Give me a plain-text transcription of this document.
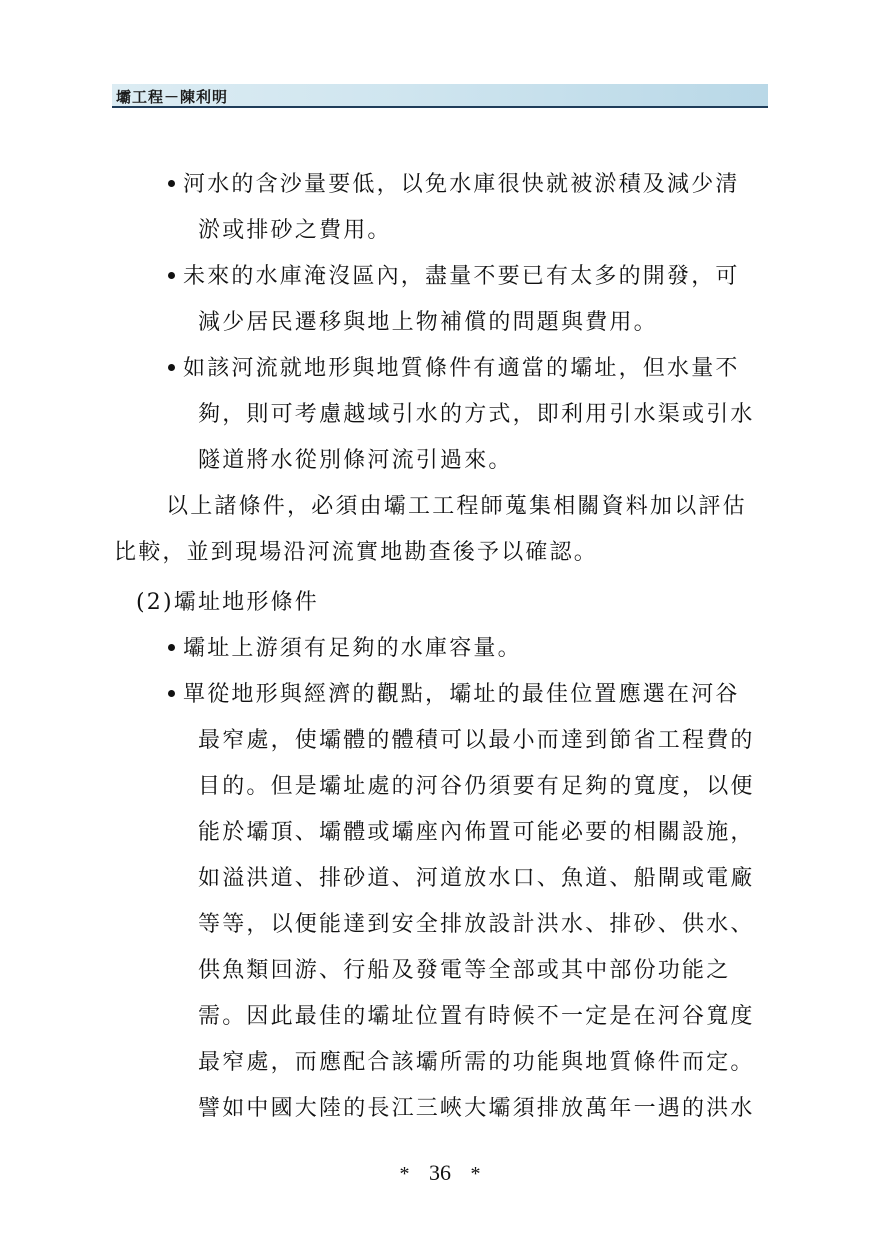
壩工程－陳利明
河水的含沙量要低，以免水庫很快就被淤積及減少清
淤或排砂之費用。
未來的水庫淹沒區內，盡量不要已有太多的開發，可
減少居民遷移與地上物補償的問題與費用。
如該河流就地形與地質條件有適當的壩址，但水量不
夠，則可考慮越域引水的方式，即利用引水渠或引水
隧道將水從別條河流引過來。
以上諸條件，必須由壩工工程師蒐集相關資料加以評估
比較，並到現場沿河流實地勘查後予以確認。
(2)壩址地形條件
壩址上游須有足夠的水庫容量。
單從地形與經濟的觀點，壩址的最佳位置應選在河谷
最窄處，使壩體的體積可以最小而達到節省工程費的
目的。但是壩址處的河谷仍須要有足夠的寬度，以便
能於壩頂、壩體或壩座內佈置可能必要的相關設施，
如溢洪道、排砂道、河道放水口、魚道、船閘或電廠
等等，以便能達到安全排放設計洪水、排砂、供水、
供魚類回游、行船及發電等全部或其中部份功能之
需。因此最佳的壩址位置有時候不一定是在河谷寬度
最窄處，而應配合該壩所需的功能與地質條件而定。
譬如中國大陸的長江三峽大壩須排放萬年一遇的洪水
* 36 *
